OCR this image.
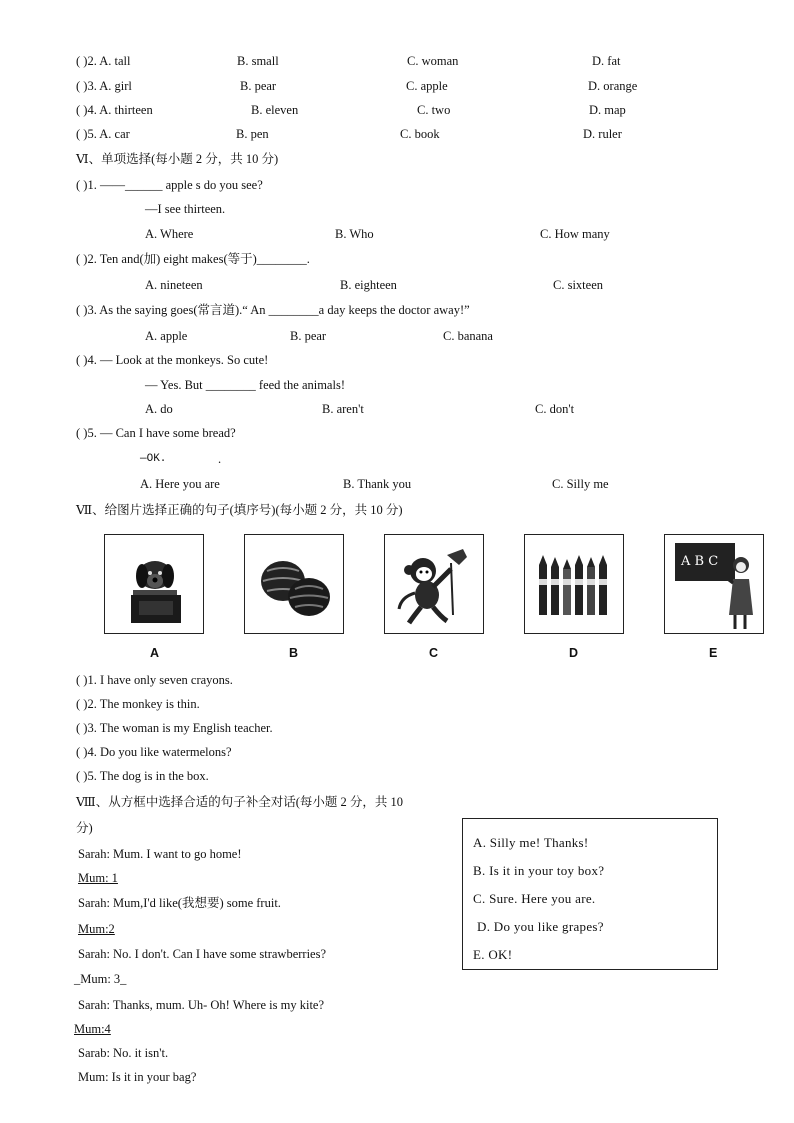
( )2. A. tall	B. small	C. woman	D. fat
( )3. A. girl	B. pear	C. apple	D. orange
( )4. A. thirteen	B. eleven	C. two	D. map
( )5. A. car	B. pen	C. book	D. ruler
Ⅵ、单项选择(每小题 2 分，共 10 分)
( )1. ——______ apple s do you see?
—I see thirteen.
A. Where	B. Who	C. How many
( )2. Ten and(加) eight makes(等于)________.
A. nineteen	B. eighteen	C. sixteen
( )3. As the saying goes(常言道).“ An ________a day keeps the doctor away!”
A. apple	B. pear	C. banana
( )4. — Look at the monkeys. So cute!
— Yes. But ________ feed the animals!
A. do	B. aren't	C. don't
( )5. — Can I have some bread?
—OK.	.
A. Here you are	B. Thank you	C. Silly me
Ⅶ、给图片选择正确的句子(填序号)(每小题 2 分，共 10 分)
A B C
A	B	C	D	E
( )1. I have only seven crayons.
( )2. The monkey is thin.
( )3. The woman is my English teacher.
( )4. Do you like watermelons?
( )5. The dog is in the box.
Ⅷ、从方框中选择合适的句子补全对话(每小题 2 分，共 10
分)
A. Silly me! Thanks!
B. Is it in your toy box?
C. Sure. Here you are.
D. Do you like grapes?
E. OK!
Sarah: Mum. I want to go home!
Mum: 1
Sarah: Mum,I'd like(我想要) some fruit.
Mum:2
Sarah: No. I don't. Can I have some strawberries?
_Mum: 3_
Sarah: Thanks, mum. Uh- Oh! Where is my kite?
Mum:4
Sarab: No. it isn't.
Mum: Is it in your bag?
